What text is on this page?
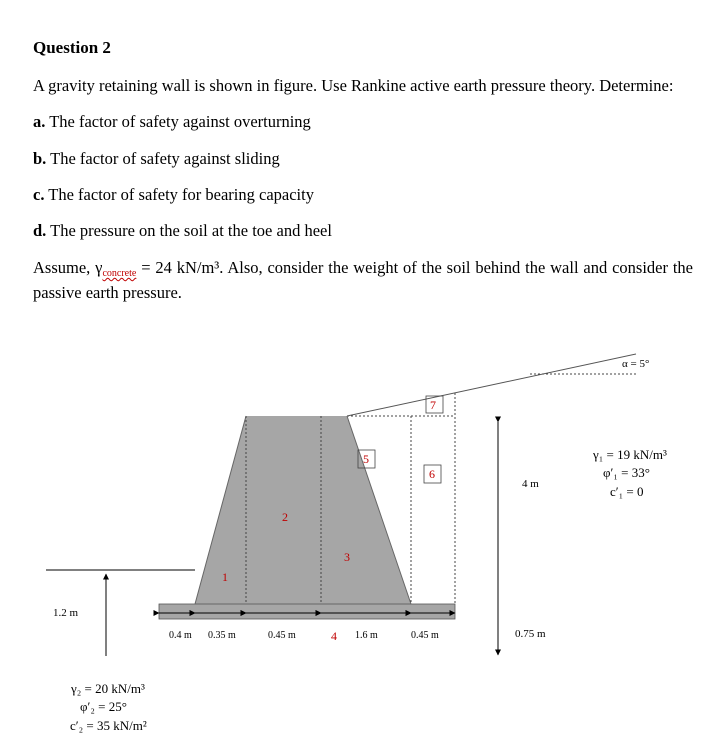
Question 2
A gravity retaining wall is shown in figure. Use Rankine active earth pressure theory. Determine:
a. The factor of safety against overturning
b. The factor of safety against sliding
c. The factor of safety for bearing capacity
d. The pressure on the soil at the toe and heel
Assume, γconcrete = 24 kN/m³. Also, consider the weight of the soil behind the wall and consider the passive earth pressure.
1.2 m
4 m
0.75 m
0.4 m 0.35 m	0.45 m	1.6 m	0.45 m
1
2
3
4
5
6
7
α = 5°
γ₁ = 19 kN/m³
φ′₁ = 33°
c′₁ = 0
γ₂ = 20 kN/m³
φ′₂ = 25°
c′₂ = 35 kN/m²
